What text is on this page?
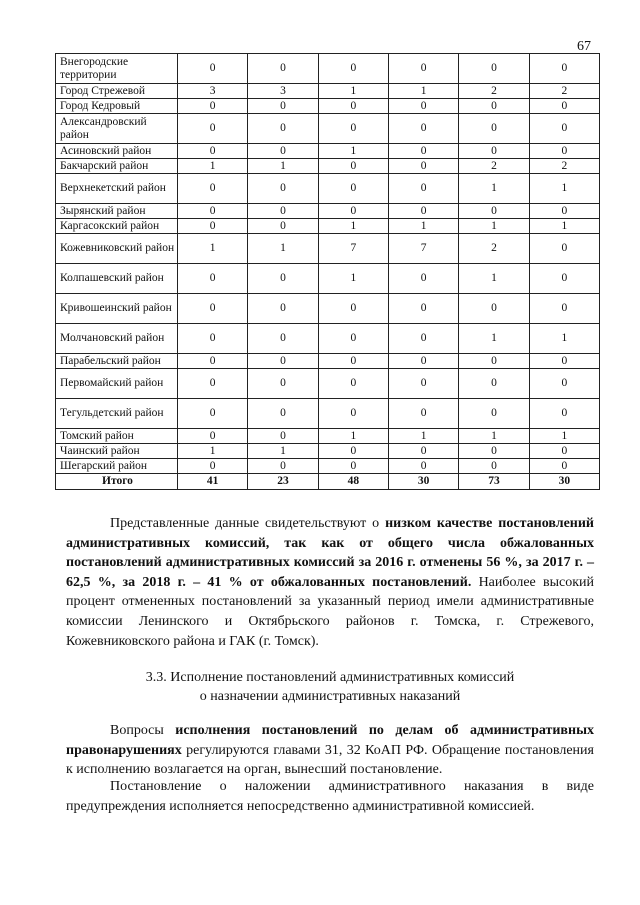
67
Внегородские территории	0	0	0	0	0	0
Город Стрежевой	3	3	1	1	2	2
Город Кедровый	0	0	0	0	0	0
Александровский район	0	0	0	0	0	0
Асиновский район	0	0	1	0	0	0
Бакчарский район	1	1	0	0	2	2
Верхнекетский район	0	0	0	0	1	1
Зырянский район	0	0	0	0	0	0
Каргасокский район	0	0	1	1	1	1
Кожевниковский район	1	1	7	7	2	0
Колпашевский район	0	0	1	0	1	0
Кривошеинский район	0	0	0	0	0	0
Молчановский район	0	0	0	0	1	1
Парабельский район	0	0	0	0	0	0
Первомайский район	0	0	0	0	0	0
Тегульдетский район	0	0	0	0	0	0
Томский район	0	0	1	1	1	1
Чаинский район	1	1	0	0	0	0
Шегарский район	0	0	0	0	0	0
Итого	41	23	48	30	73	30
Представленные данные свидетельствуют о низком качестве постановлений административных комиссий, так как от общего числа обжалованных постановлений административных комиссий за 2016 г. отменены 56 %, за 2017 г. – 62,5 %, за 2018 г. – 41 % от обжалованных постановлений. Наиболее высокий процент отмененных постановлений за указанный период имели административные комиссии Ленинского и Октябрьского районов г. Томска, г. Стрежевого, Кожевниковского района и ГАК (г. Томск).
3.3. Исполнение постановлений административных комиссий
о назначении административных наказаний
Вопросы исполнения постановлений по делам об административных правонарушениях регулируются главами 31, 32 КоАП РФ. Обращение постановления к исполнению возлагается на орган, вынесший постановление.
Постановление о наложении административного наказания в виде предупреждения исполняется непосредственно административной комиссией.
